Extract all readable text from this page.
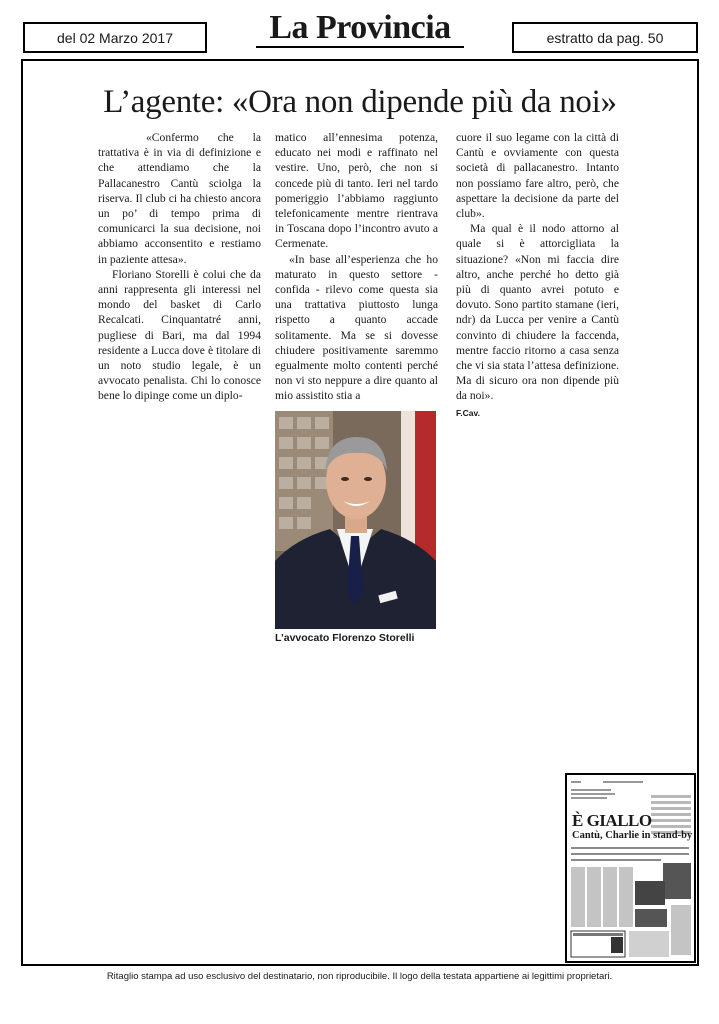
del 02 Marzo 2017	La Provincia	estratto da pag. 50
L’agente: «Ora non dipende più da noi»

«Confermo che la trattativa è in via di definizione e che attendiamo che la Pallacanestro Cantù sciolga la riserva. Il club ci ha chiesto ancora un po’ di tempo prima di comunicarci la sua decisione, noi abbiamo acconsentito e restiamo in paziente attesa».

Floriano Storelli è colui che da anni rappresenta gli interessi nel mondo del basket di Carlo Recalcati. Cinquantatré anni, pugliese di Bari, ma dal 1994 residente a Lucca dove è titolare di un noto studio legale, è un avvocato penalista. Chi lo conosce bene lo dipinge come un diplo-

matico all’ennesima potenza, educato nei modi e raffinato nel vestire. Uno, però, che non si concede più di tanto. Ieri nel tardo pomeriggio l’abbiamo raggiunto telefonicamente mentre rientrava in Toscana dopo l’incontro avuto a Cermenate.

«In base all’esperienza che ho maturato in questo settore - confida - rilevo come questa sia una trattativa piuttosto lunga rispetto a quanto accade solitamente. Ma se si dovesse chiudere positivamente saremmo egualmente molto contenti perché non vi sto neppure a dire quanto al mio assistito stia a

cuore il suo legame con la città di Cantù e ovviamente con questa società di pallacanestro. Intanto non possiamo fare altro, però, che aspettare la decisione da parte del club».

Ma qual è il nodo attorno al quale si è attorcigliata la situazione? «Non mi faccia dire altro, anche perché ho detto già più di quanto avrei potuto e dovuto. Sono partito stamane (ieri, ndr) da Lucca per venire a Cantù convinto di chiudere la faccenda, mentre faccio ritorno a casa senza che vi sia stata l’attesa definizione. Ma di sicuro ora non dipende più da noi».

F.Cav.
L’avvocato Florenzo Storelli
È GIALLO
Cantù, Charlie in stand-by
Ritaglio stampa ad uso esclusivo del destinatario, non riproducibile. Il logo della testata appartiene ai legittimi proprietari.
